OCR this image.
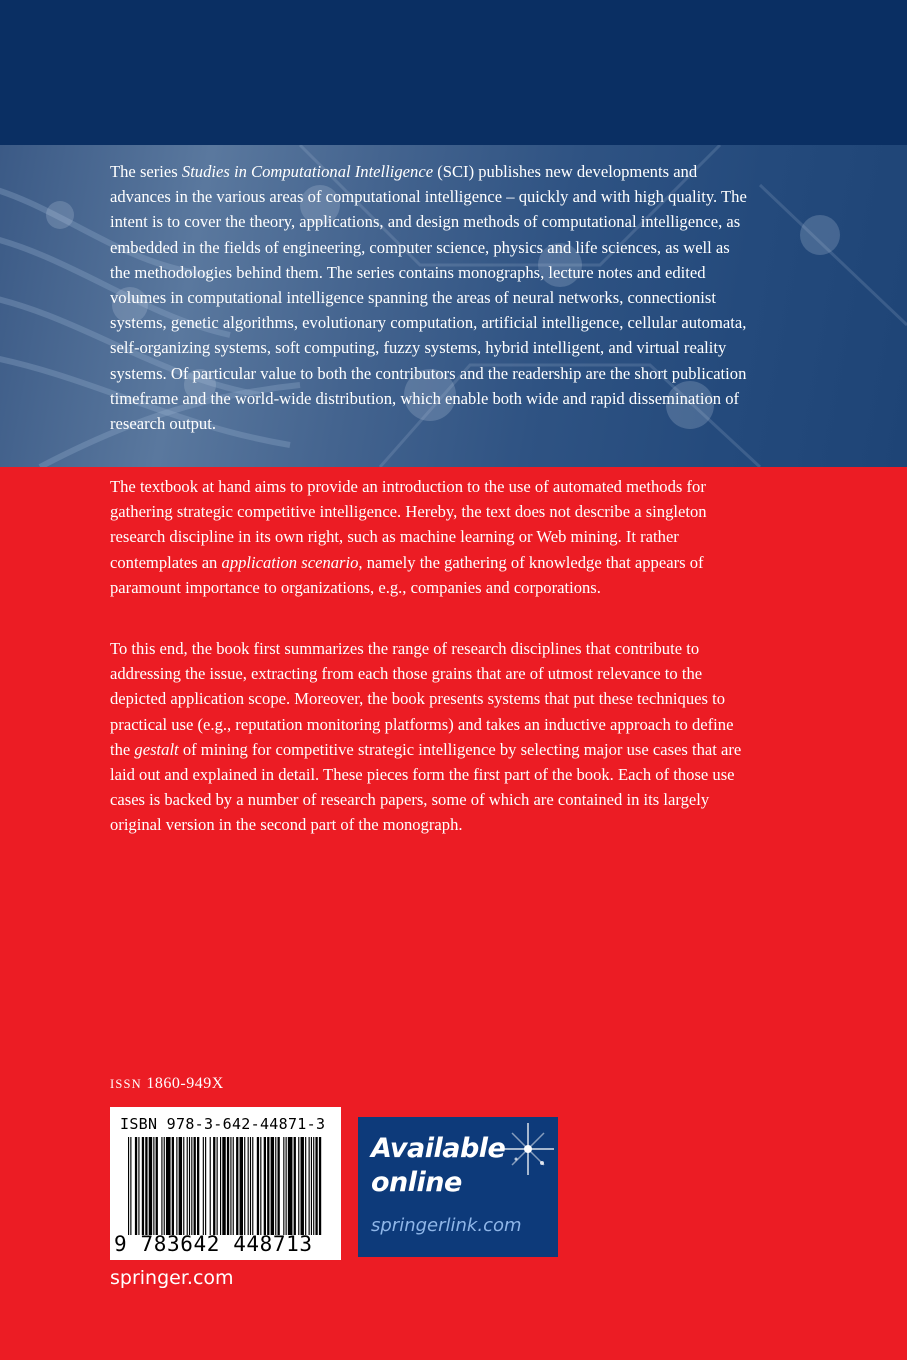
The series Studies in Computational Intelligence (SCI) publishes new developments and advances in the various areas of computational intelligence – quickly and with high quality. The intent is to cover the theory, applications, and design methods of computational intelligence, as embedded in the fields of engineering, computer science, physics and life sciences, as well as the methodologies behind them. The series contains monographs, lecture notes and edited volumes in computational intelligence spanning the areas of neural networks, connectionist systems, genetic algorithms, evolutionary computation, artificial intelligence, cellular automata, self-organizing systems, soft computing, fuzzy systems, hybrid intelligent, and virtual reality systems. Of particular value to both the contributors and the readership are the short publication timeframe and the world-wide distribution, which enable both wide and rapid dissemination of research output.

The textbook at hand aims to provide an introduction to the use of automated methods for gathering strategic competitive intelligence. Hereby, the text does not describe a singleton research discipline in its own right, such as machine learning or Web mining. It rather contemplates an application scenario, namely the gathering of knowledge that appears of paramount importance to organizations, e.g., companies and corporations.

To this end, the book first summarizes the range of research disciplines that contribute to addressing the issue, extracting from each those grains that are of utmost relevance to the depicted application scope. Moreover, the book presents systems that put these techniques to practical use (e.g., reputation monitoring platforms) and takes an inductive approach to define the gestalt of mining for competitive strategic intelligence by selecting major use cases that are laid out and explained in detail. These pieces form the first part of the book. Each of those use cases is backed by a number of research papers, some of which are contained in its largely original version in the second part of the monograph.

ISSN 1860-949X
ISBN 978-3-642-44871-3
9 783642 448713
Available
online
springerlink.com
springer.com
